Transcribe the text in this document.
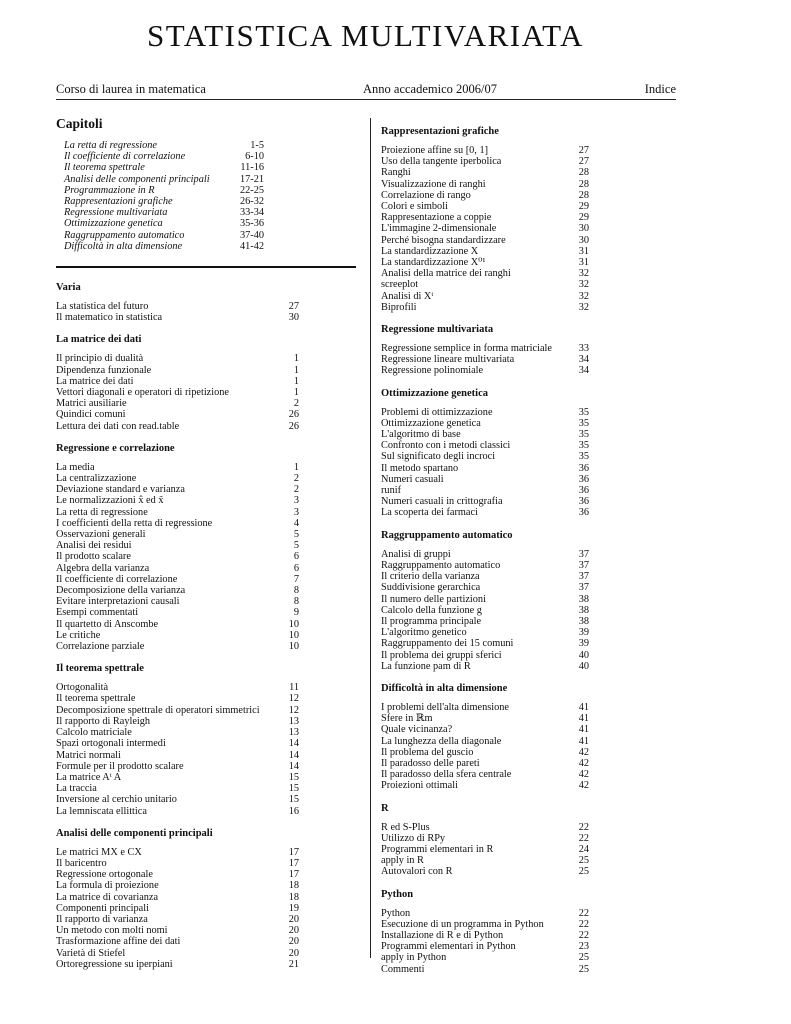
STATISTICA MULTIVARIATA
Corso di laurea in matematica	Anno accademico 2006/07	Indice
Capitoli
La retta di regressione	1-5
Il coefficiente di correlazione	6-10
Il teorema spettrale	11-16
Analisi delle componenti principali	17-21
Programmazione in R	22-25
Rappresentazioni grafiche	26-32
Regressione multivariata	33-34
Ottimizzazione genetica	35-36
Raggruppamento automatico	37-40
Difficoltà in alta dimensione	41-42
Varia
La statistica del futuro	27
Il matematico in statistica	30
La matrice dei dati
Il principio di dualità	1
Dipendenza funzionale	1
La matrice dei dati	1
Vettori diagonali e operatori di ripetizione	1
Matrici ausiliarie	2
Quindici comuni	26
Lettura dei dati con read.table	26
Regressione e correlazione
La media	1
La centralizzazione	2
Deviazione standard e varianza	2
Le normalizzazioni x̂ ed x̃	3
La retta di regressione	3
I coefficienti della retta di regressione	4
Osservazioni generali	5
Analisi dei residui	5
Il prodotto scalare	6
Algebra della varianza	6
Il coefficiente di correlazione	7
Decomposizione della varianza	8
Evitare interpretazioni causali	8
Esempi commentati	9
Il quartetto di Anscombe	10
Le critiche	10
Correlazione parziale	10
Il teorema spettrale
Ortogonalità	11
Il teorema spettrale	12
Decomposizione spettrale di operatori simmetrici	12
Il rapporto di Rayleigh	13
Calcolo matriciale	13
Spazi ortogonali intermedi	14
Matrici normali	14
Formule per il prodotto scalare	14
La matrice Aᵗ A	15
La traccia	15
Inversione al cerchio unitario	15
La lemniscata ellittica	16
Analisi delle componenti principali
Le matrici MX e CX	17
Il baricentro	17
Regressione ortogonale	17
La formula di proiezione	18
La matrice di covarianza	18
Componenti principali	19
Il rapporto di varianza	20
Un metodo con molti nomi	20
Trasformazione affine dei dati	20
Varietà di Stiefel	20
Ortoregressione su iperpiani	21
Rappresentazioni grafiche
Proiezione affine su [0, 1]	27
Uso della tangente iperbolica	27
Ranghi	28
Visualizzazione di ranghi	28
Correlazione di rango	28
Colori e simboli	29
Rappresentazione a coppie	29
L'immagine 2-dimensionale	30
Perché bisogna standardizzare	30
La standardizzazione X̂	31
La standardizzazione X⁰¹	31
Analisi della matrice dei ranghi	32
screeplot	32
Analisi di Xᵗ	32
Biprofili	32
Regressione multivariata
Regressione semplice in forma matriciale	33
Regressione lineare multivariata	34
Regressione polinomiale	34
Ottimizzazione genetica
Problemi di ottimizzazione	35
Ottimizzazione genetica	35
L'algoritmo di base	35
Confronto con i metodi classici	35
Sul significato degli incroci	35
Il metodo spartano	36
Numeri casuali	36
runif	36
Numeri casuali in crittografia	36
La scoperta dei farmaci	36
Raggruppamento automatico
Analisi di gruppi	37
Raggruppamento automatico	37
Il criterio della varianza	37
Suddivisione gerarchica	37
Il numero delle partizioni	38
Calcolo della funzione g	38
Il programma principale	38
L'algoritmo genetico	39
Raggruppamento dei 15 comuni	39
Il problema dei gruppi sferici	40
La funzione pam di R	40
Difficoltà in alta dimensione
I problemi dell'alta dimensione	41
Sfere in ℝm	41
Quale vicinanza?	41
La lunghezza della diagonale	41
Il problema del guscio	42
Il paradosso delle pareti	42
Il paradosso della sfera centrale	42
Proiezioni ottimali	42
R
R ed S-Plus	22
Utilizzo di RPy	22
Programmi elementari in R	24
apply in R	25
Autovalori con R	25
Python
Python	22
Esecuzione di un programma in Python	22
Installazione di R e di Python	22
Programmi elementari in Python	23
apply in Python	25
Commenti	25
